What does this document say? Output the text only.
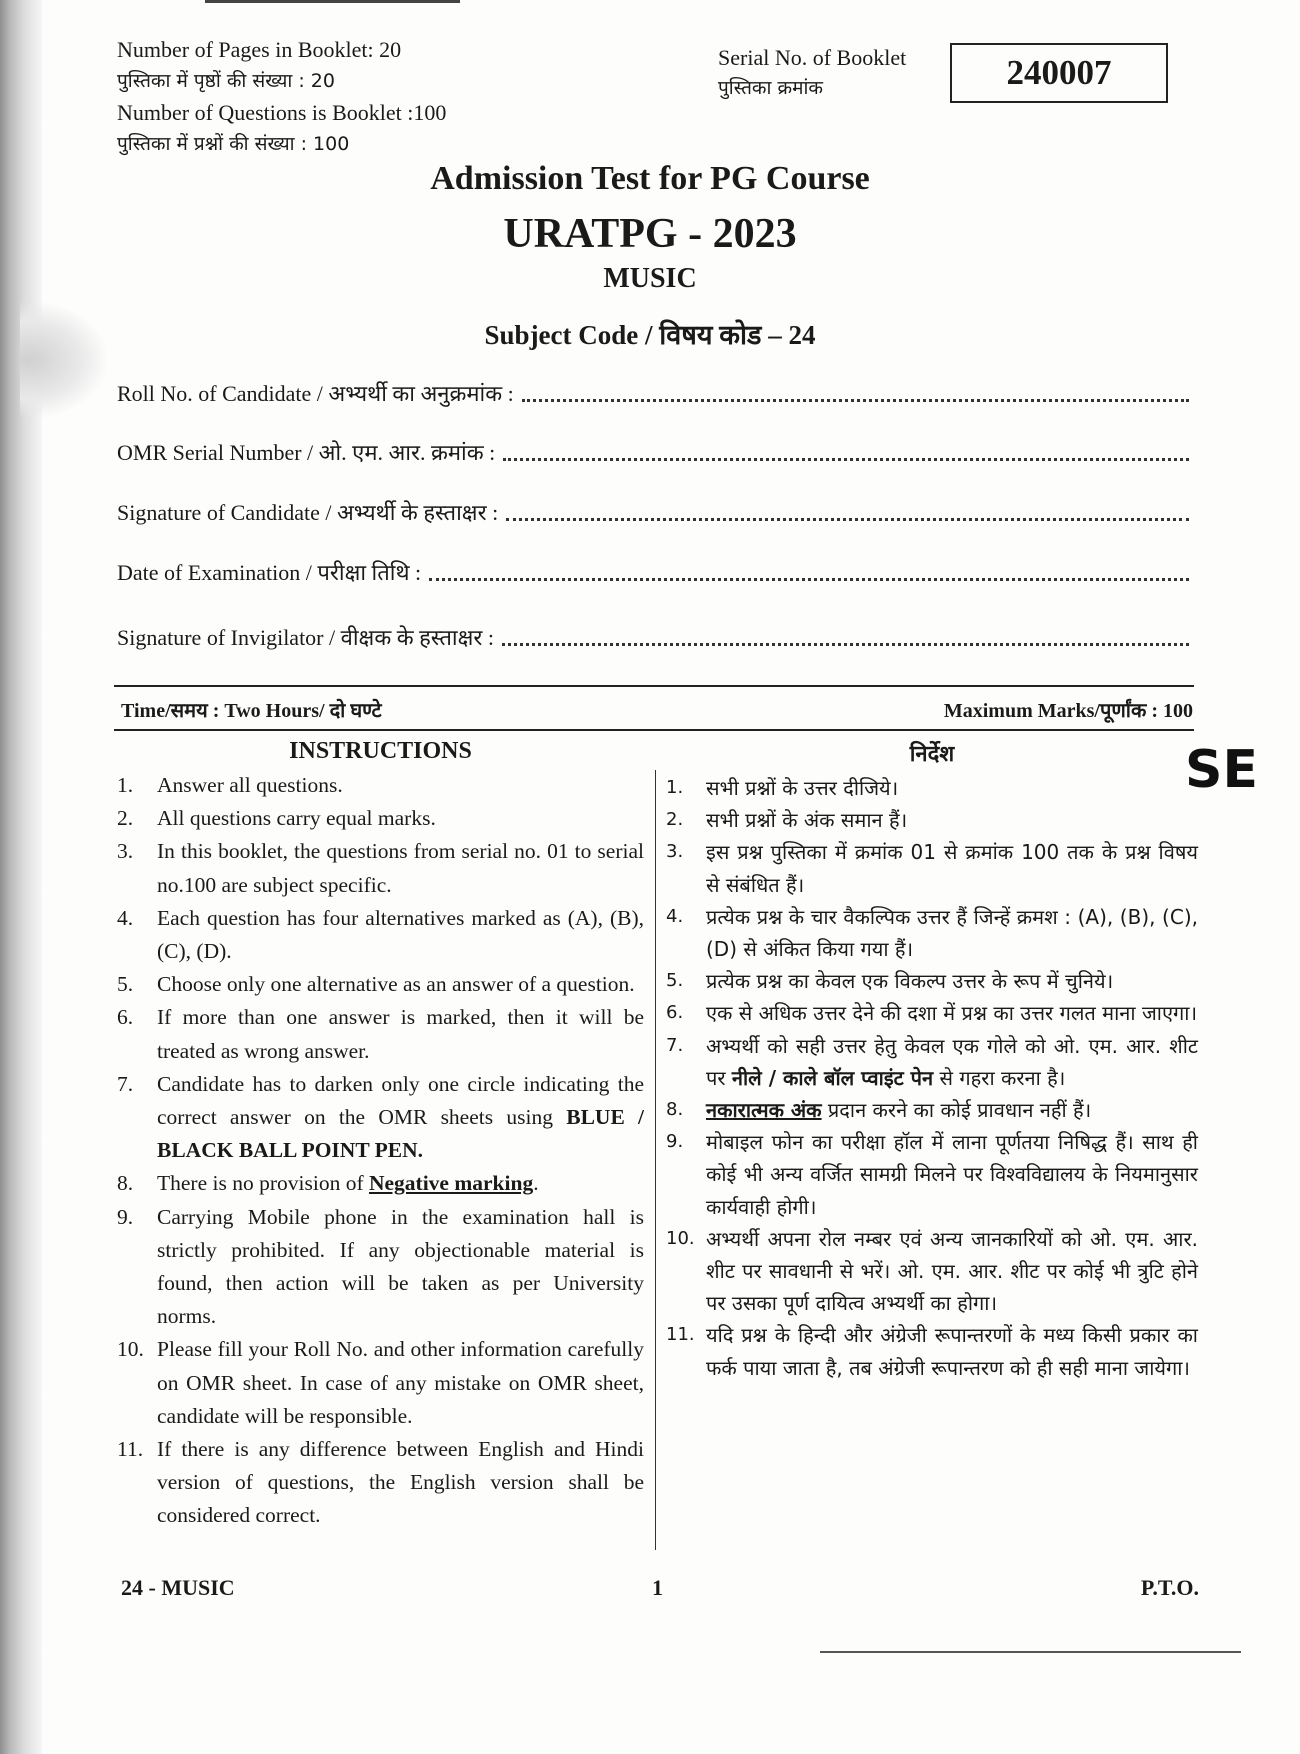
Number of Pages in Booklet: 20
पुस्तिका में पृष्ठों की संख्या : 20
Number of Questions is Booklet :100
पुस्तिका में प्रश्नों की संख्या : 100
Serial No. of Booklet
पुस्तिका क्रमांक	240007
Admission Test for PG Course
URATPG - 2023
MUSIC
Subject Code / विषय कोड – 24
Roll No. of Candidate / अभ्यर्थी का अनुक्रमांक :
OMR Serial Number / ओ. एम. आर. क्रमांक :
Signature of Candidate / अभ्यर्थी के हस्ताक्षर :
Date of Examination / परीक्षा तिथि :
Signature of Invigilator / वीक्षक के हस्ताक्षर :
Time/समय : Two Hours/ दो घण्टे	Maximum Marks/पूर्णांक : 100
SE
INSTRUCTIONS
1.	Answer all questions.
2.	All questions carry equal marks.
3.	In this booklet, the questions from serial no. 01 to serial no.100 are subject specific.
4.	Each question has four alternatives marked as (A), (B), (C), (D).
5.	Choose only one alternative as an answer of a question.
6.	If more than one answer is marked, then it will be treated as wrong answer.
7.	Candidate has to darken only one circle indicating the correct answer on the OMR sheets using BLUE / BLACK BALL POINT PEN.
8.	There is no provision of Negative marking.
9.	Carrying Mobile phone in the examination hall is strictly prohibited. If any objectionable material is found, then action will be taken as per University norms.
10. Please fill your Roll No. and other information carefully on OMR sheet. In case of any mistake on OMR sheet, candidate will be responsible.
11. If there is any difference between English and Hindi version of questions, the English version shall be considered correct.
निर्देश
1.	सभी प्रश्नों के उत्तर दीजिये।
2.	सभी प्रश्नों के अंक समान हैं।
3.	इस प्रश्न पुस्तिका में क्रमांक 01 से क्रमांक 100 तक के प्रश्न विषय से संबंधित हैं।
4.	प्रत्येक प्रश्न के चार वैकल्पिक उत्तर हैं जिन्हें क्रमश : (A), (B), (C), (D) से अंकित किया गया हैं।
5.	प्रत्येक प्रश्न का केवल एक विकल्प उत्तर के रूप में चुनिये।
6.	एक से अधिक उत्तर देने की दशा में प्रश्न का उत्तर गलत माना जाएगा।
7.	अभ्यर्थी को सही उत्तर हेतु केवल एक गोले को ओ. एम. आर. शीट पर नीले / काले बॉल प्वाइंट पेन से गहरा करना है।
8.	नकारात्मक अंक प्रदान करने का कोई प्रावधान नहीं हैं।
9.	मोबाइल फोन का परीक्षा हॉल में लाना पूर्णतया निषिद्ध हैं। साथ ही कोई भी अन्य वर्जित सामग्री मिलने पर विश्वविद्यालय के नियमानुसार कार्यवाही होगी।
10. अभ्यर्थी अपना रोल नम्बर एवं अन्य जानकारियों को ओ. एम. आर. शीट पर सावधानी से भरें। ओ. एम. आर. शीट पर कोई भी त्रुटि होने पर उसका पूर्ण दायित्व अभ्यर्थी का होगा।
11. यदि प्रश्न के हिन्दी और अंग्रेजी रूपान्तरणों के मध्य किसी प्रकार का फर्क पाया जाता है, तब अंग्रेजी रूपान्तरण को ही सही माना जायेगा।
24 - MUSIC	1	P.T.O.
